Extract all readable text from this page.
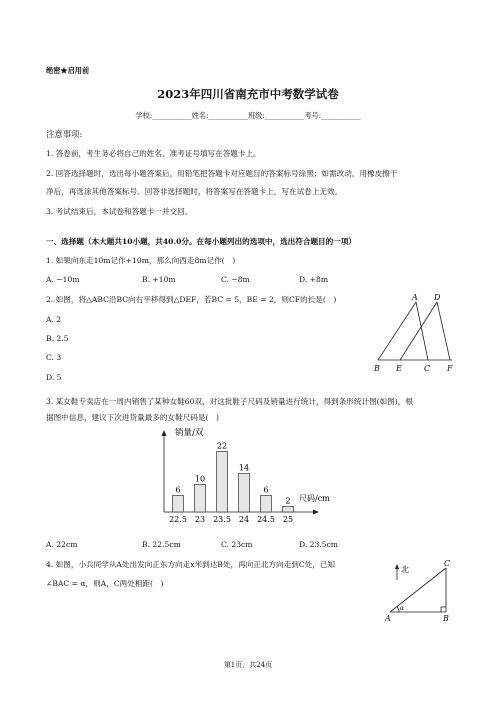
绝密★启用前
2023年四川省南充市中考数学试卷
学校:___________姓名:___________班级:___________考号:___________
注意事项:
1. 答卷前，考生务必将自己的姓名、准考证号填写在答题卡上。
2. 回答选择题时，选出每小题答案后，用铅笔把答题卡对应题目的答案标号涂黑；如需改动，用橡皮擦干
净后，再选涂其他答案标号。回答非选择题时，将答案写在答题卡上，写在试卷上无效。
3. 考试结束后，本试卷和答题卡一并交回。
一、选择题（本大题共10小题，共40.0分。在每小题列出的选项中，选出符合题目的一项）
1. 如果向东走10m记作+10m，那么向西走8m记作(　)
A. −10m	B. +10m	C. −8m	D. +8m
2. 如图，将△ABC沿BC向右平移得到△DEF，若BC = 5，BE = 2，则CF的长是(　)
A. 2
B. 2.5
C. 3
D. 5
A D
B E	C F
3. 某女鞋专卖店在一周内销售了某种女鞋60双，对这批鞋子尺码及销量进行统计，得到条形统计图(如图)，根
据图中信息，建议下次进货量最多的女鞋尺码是(　)
销量/双
尺码/cm
6
22.5
10
23
22
23.5
14
24
6
24.5
2
25
A. 22cm	B. 22.5cm	C. 23cm	D. 23.5cm
4. 如图，小兵同学从A处出发向正东方向走x米到达B处，再向正北方向走到C处，已知
∠BAC = α，则A，C两处相距(　)
北
C
A	B
α
第1页，共24页
